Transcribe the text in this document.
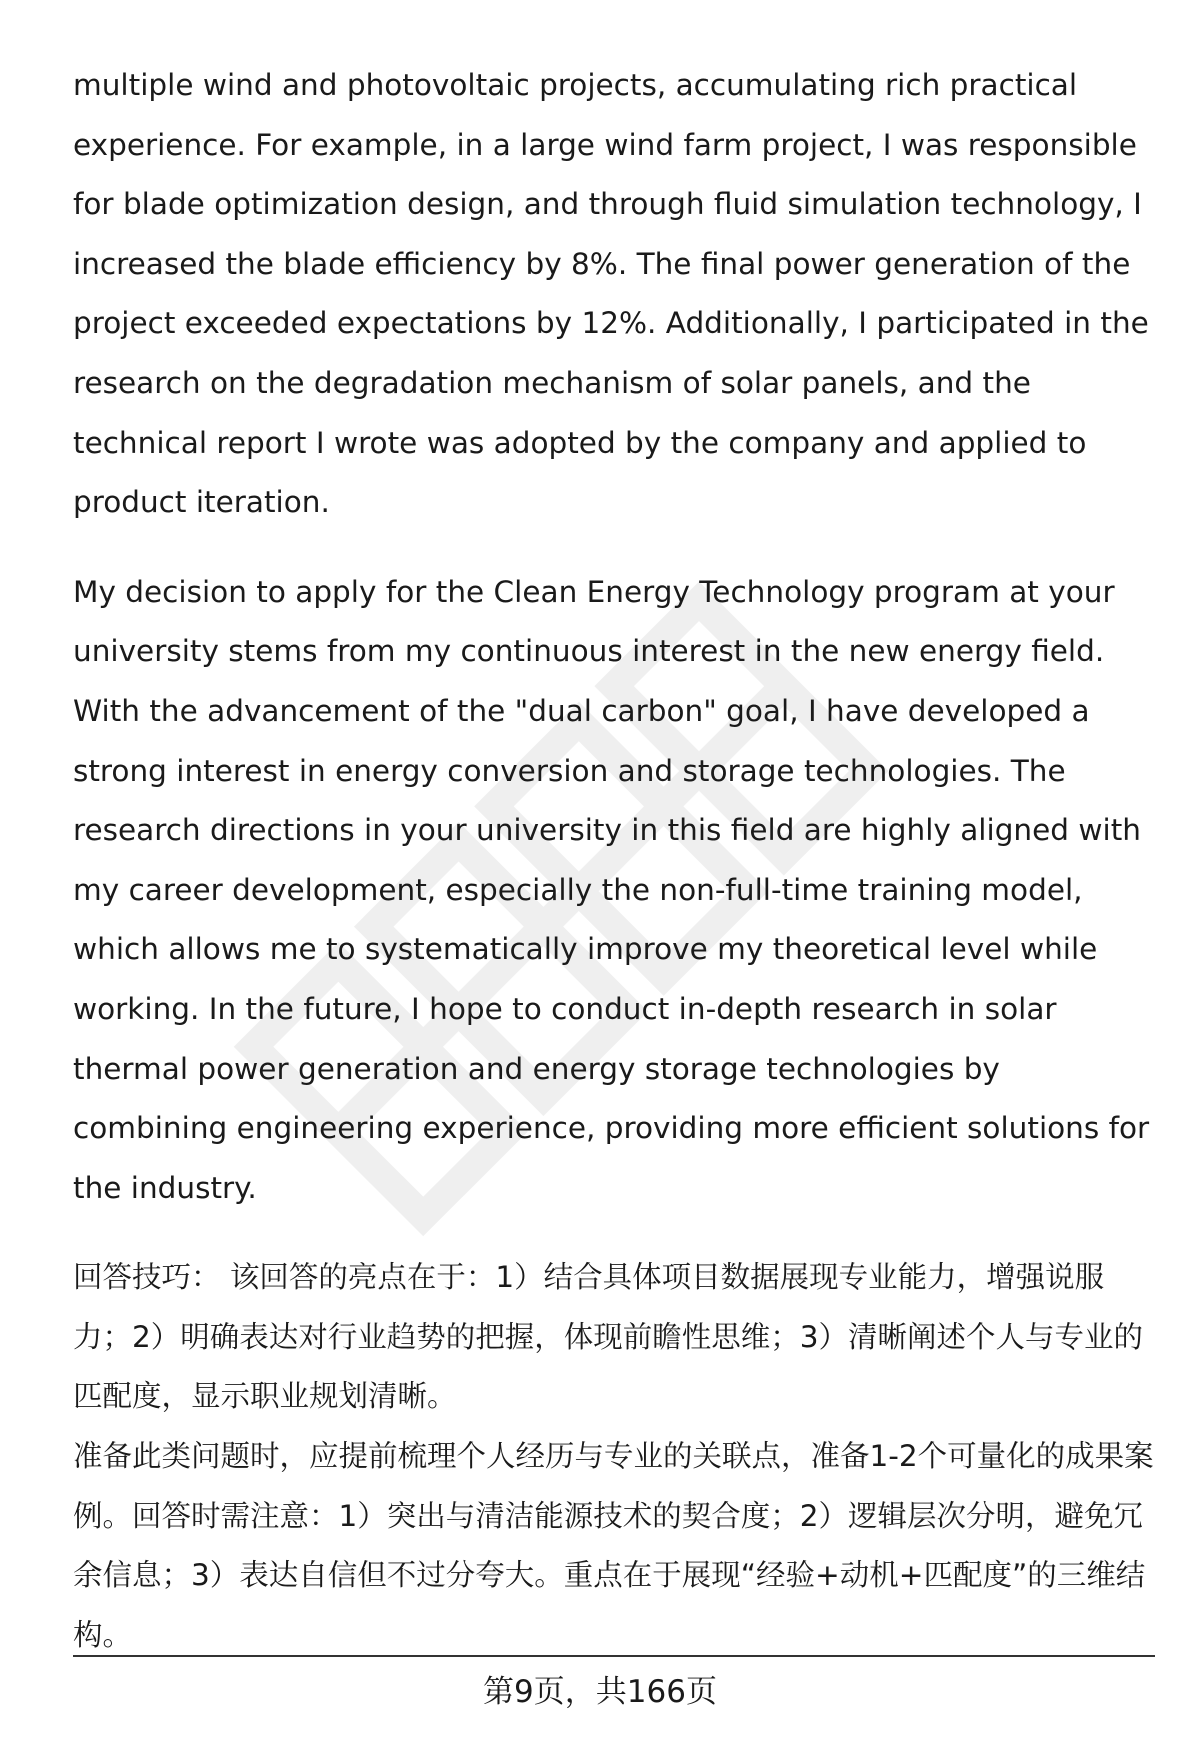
multiple wind and photovoltaic projects, accumulating rich practical experience. For example, in a large wind farm project, I was responsible for blade optimization design, and through fluid simulation technology, I increased the blade efficiency by 8%. The final power generation of the project exceeded expectations by 12%. Additionally, I participated in the research on the degradation mechanism of solar panels, and the technical report I wrote was adopted by the company and applied to product iteration.

My decision to apply for the Clean Energy Technology program at your university stems from my continuous interest in the new energy field. With the advancement of the "dual carbon" goal, I have developed a strong interest in energy conversion and storage technologies. The research directions in your university in this field are highly aligned with my career development, especially the non-full-time training model, which allows me to systematically improve my theoretical level while working. In the future, I hope to conduct in-depth research in solar thermal power generation and energy storage technologies by combining engineering experience, providing more efficient solutions for the industry.

回答技巧： 该回答的亮点在于：1）结合具体项目数据展现专业能力，增强说服力；2）明确表达对行业趋势的把握，体现前瞻性思维；3）清晰阐述个人与专业的匹配度，显示职业规划清晰。

准备此类问题时，应提前梳理个人经历与专业的关联点，准备1-2个可量化的成果案例。回答时需注意：1）突出与清洁能源技术的契合度；2）逻辑层次分明，避免冗余信息；3）表达自信但不过分夸大。重点在于展现“经验+动机+匹配度”的三维结构。

第9页，共166页
